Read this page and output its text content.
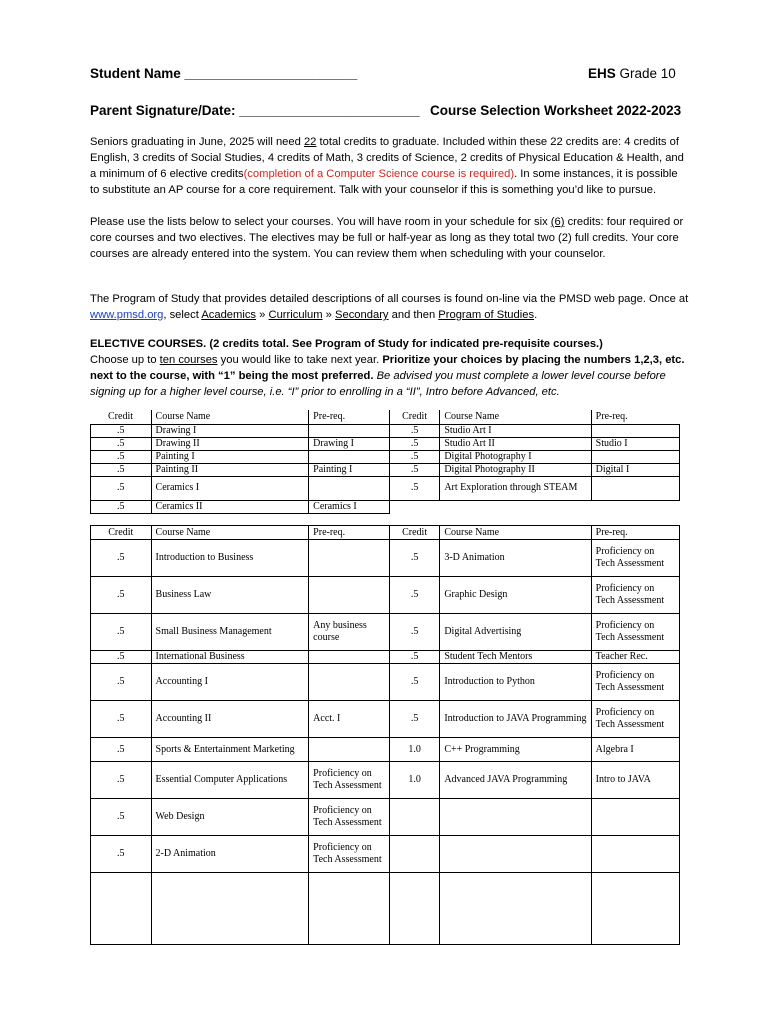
Student Name _______________________	EHS Grade 10
Parent Signature/Date: ________________________ Course Selection Worksheet 2022-2023
Seniors graduating in June, 2025 will need 22 total credits to graduate. Included within these 22 credits are: 4 credits of English, 3 credits of Social Studies, 4 credits of Math, 3 credits of Science, 2 credits of Physical Education & Health, and a minimum of 6 elective credits(completion of a Computer Science course is required). In some instances, it is possible to substitute an AP course for a core requirement. Talk with your counselor if this is something you’d like to pursue.
Please use the lists below to select your courses. You will have room in your schedule for six (6) credits: four required or core courses and two electives. The electives may be full or half-year as long as they total two (2) full credits. Your core courses are already entered into the system. You can review them when scheduling with your counselor.
The Program of Study that provides detailed descriptions of all courses is found on-line via the PMSD web page. Once at www.pmsd.org, select Academics » Curriculum » Secondary and then Program of Studies.
ELECTIVE COURSES. (2 credits total. See Program of Study for indicated pre-requisite courses.)
Choose up to ten courses you would like to take next year. Prioritize your choices by placing the numbers 1,2,3, etc. next to the course, with “1” being the most preferred. Be advised you must complete a lower level course before signing up for a higher level course, i.e. “I” prior to enrolling in a “II”, Intro before Advanced, etc.
Credit	Course Name	Pre-req.	Credit	Course Name	Pre-req.
.5	Drawing I		.5	Studio Art I	
.5	Drawing II	Drawing I	.5	Studio Art II	Studio I
.5	Painting I		.5	Digital Photography I	
.5	Painting II	Painting I	.5	Digital Photography II	Digital I
.5	Ceramics I		.5	Art Exploration through STEAM	
.5	Ceramics II	Ceramics I			
Credit	Course Name	Pre-req.	Credit	Course Name	Pre-req.
.5	Introduction to Business		.5	3-D Animation	Proficiency on Tech Assessment
.5	Business Law		.5	Graphic Design	Proficiency on Tech Assessment
.5	Small Business Management	Any business course	.5	Digital Advertising	Proficiency on Tech Assessment
.5	International Business		.5	Student Tech Mentors	Teacher Rec.
.5	Accounting I		.5	Introduction to Python	Proficiency on Tech Assessment
.5	Accounting II	Acct. I	.5	Introduction to JAVA Programming	Proficiency on Tech Assessment
.5	Sports & Entertainment Marketing		1.0	C++ Programming	Algebra I
.5	Essential Computer Applications	Proficiency on Tech Assessment	1.0	Advanced JAVA Programming	Intro to JAVA
.5	Web Design	Proficiency on Tech Assessment			
.5	2-D Animation	Proficiency on Tech Assessment			
